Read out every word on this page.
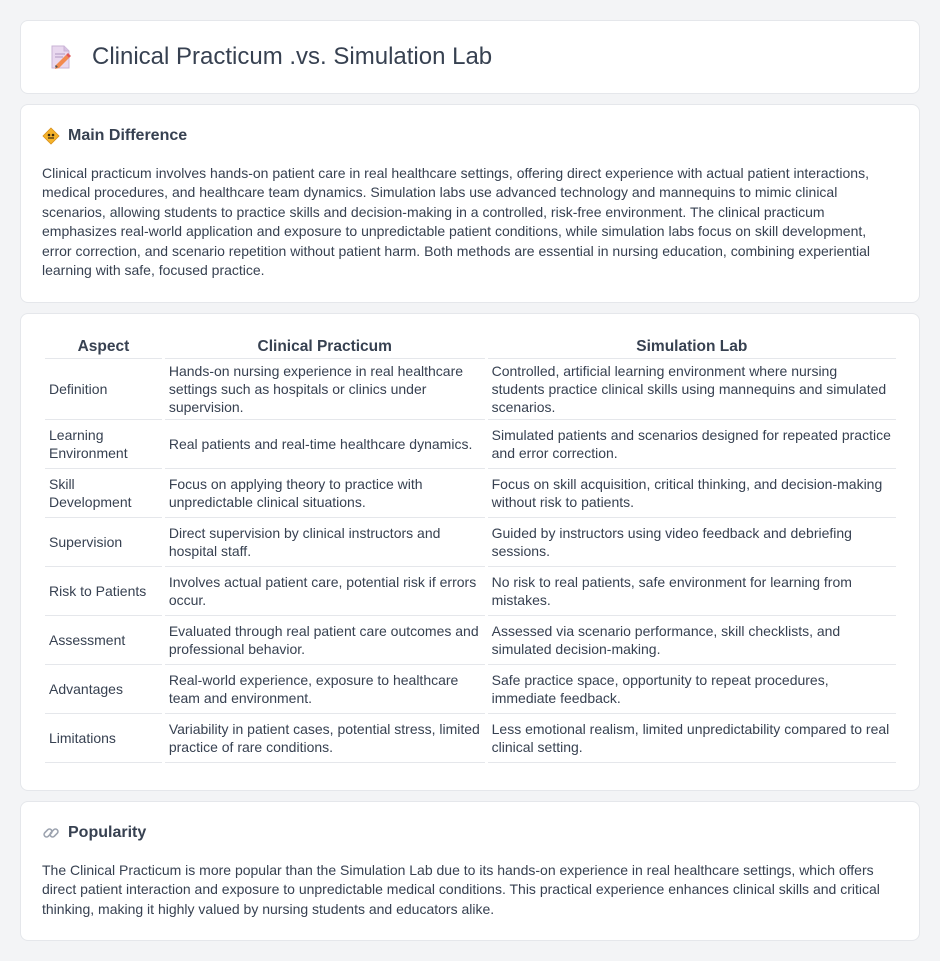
Clinical Practicum .vs. Simulation Lab
Main Difference

Clinical practicum involves hands-on patient care in real healthcare settings, offering direct experience with actual patient interactions, medical procedures, and healthcare team dynamics. Simulation labs use advanced technology and mannequins to mimic clinical scenarios, allowing students to practice skills and decision-making in a controlled, risk-free environment. The clinical practicum emphasizes real-world application and exposure to unpredictable patient conditions, while simulation labs focus on skill development, error correction, and scenario repetition without patient harm. Both methods are essential in nursing education, combining experiential learning with safe, focused practice.

Aspect	Clinical Practicum	Simulation Lab
Definition	Hands-on nursing experience in real healthcare settings such as hospitals or clinics under supervision.	Controlled, artificial learning environment where nursing students practice clinical skills using mannequins and simulated scenarios.
Learning Environment	Real patients and real-time healthcare dynamics.	Simulated patients and scenarios designed for repeated practice and error correction.
Skill Development	Focus on applying theory to practice with unpredictable clinical situations.	Focus on skill acquisition, critical thinking, and decision-making without risk to patients.
Supervision	Direct supervision by clinical instructors and hospital staff.	Guided by instructors using video feedback and debriefing sessions.
Risk to Patients	Involves actual patient care, potential risk if errors occur.	No risk to real patients, safe environment for learning from mistakes.
Assessment	Evaluated through real patient care outcomes and professional behavior.	Assessed via scenario performance, skill checklists, and simulated decision-making.
Advantages	Real-world experience, exposure to healthcare team and environment.	Safe practice space, opportunity to repeat procedures, immediate feedback.
Limitations	Variability in patient cases, potential stress, limited practice of rare conditions.	Less emotional realism, limited unpredictability compared to real clinical setting.
Popularity

The Clinical Practicum is more popular than the Simulation Lab due to its hands-on experience in real healthcare settings, which offers direct patient interaction and exposure to unpredictable medical conditions. This practical experience enhances clinical skills and critical thinking, making it highly valued by nursing students and educators alike.
